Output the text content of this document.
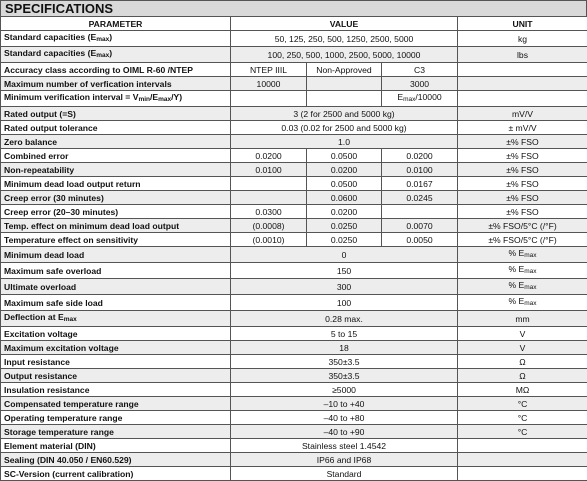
SPECIFICATIONS
PARAMETER	VALUE			UNIT
Standard capacities (Emax)	50, 125, 250, 500, 1250, 2500, 5000			kg
Standard capacities (Emax)	100, 250, 500, 1000, 2500, 5000, 10000			lbs
Accuracy class according to OIML R-60 /NTEP	NTEP IIIL	Non-Approved	C3	
Maximum number of verfication intervals	10000		3000	
Minimum verification interval = Vmin/Emax/Y)			Emax/10000	
Rated output (=S)	3 (2 for 2500 and 5000 kg)			mV/V
Rated output tolerance	0.03 (0.02 for 2500 and 5000 kg)			± mV/V
Zero balance	1.0			±% FSO
Combined error	0.0200	0.0500	0.0200	±% FSO
Non-repeatability	0.0100	0.0200	0.0100	±% FSO
Minimum dead load output return		0.0500	0.0167	±% FSO
Creep error (30 minutes)		0.0600	0.0245	±% FSO
Creep error (20–30 minutes)	0.0300	0.0200		±% FSO
Temp. effect on minimum dead load output	(0.0008)	0.0250	0.0070	±% FSO/5°C (/°F)
Temperature effect on sensitivity	(0.0010)	0.0250	0.0050	±% FSO/5°C (/°F)
Minimum dead load	0			% Emax
Maximum safe overload	150			% Emax
Ultimate overload	300			% Emax
Maximum safe side load	100			% Emax
Deflection at Emax	0.28 max.			mm
Excitation voltage	5 to 15			V
Maximum excitation voltage	18			V
Input resistance	350±3.5			Ω
Output resistance	350±3.5			Ω
Insulation resistance	≥5000			MΩ
Compensated temperature range	–10 to +40			°C
Operating temperature range	–40 to +80			°C
Storage temperature range	–40 to +90			°C
Element material (DIN)	Stainless steel 1.4542			
Sealing (DIN 40.050 / EN60.529)	IP66 and IP68			
SC-Version (current calibration)	Standard			
